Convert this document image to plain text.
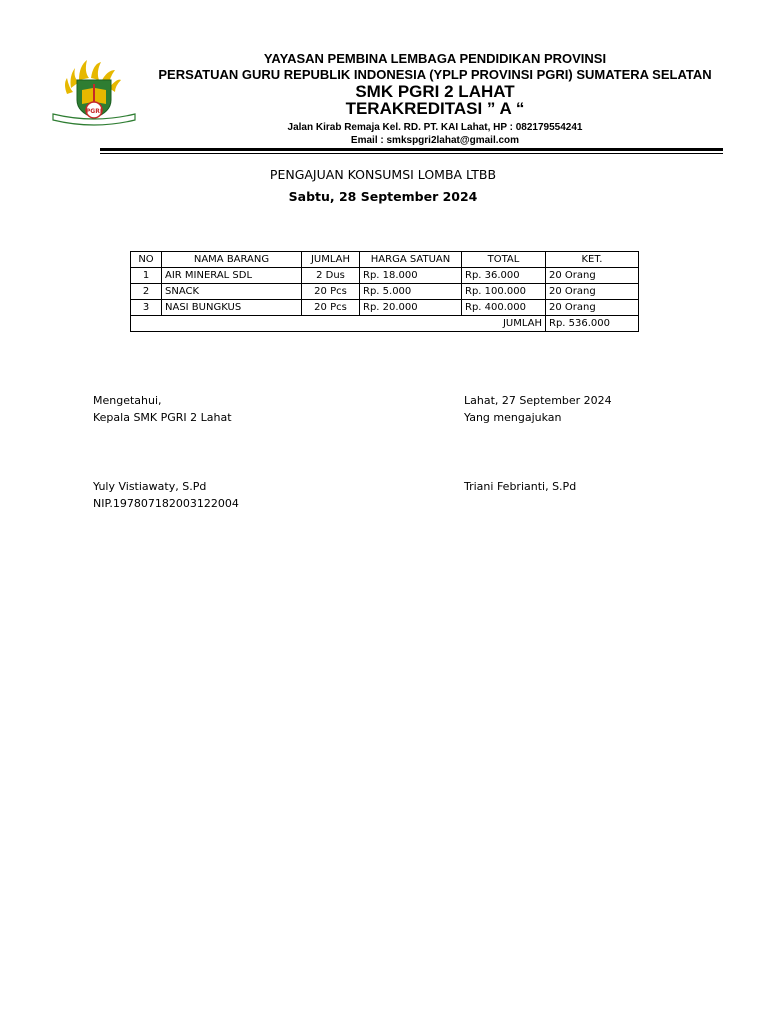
PGRI
YAYASAN PEMBINA LEMBAGA PENDIDIKAN PROVINSI
PERSATUAN GURU REPUBLIK INDONESIA (YPLP PROVINSI PGRI) SUMATERA SELATAN
SMK PGRI 2 LAHAT
TERAKREDITASI ” A “
Jalan Kirab Remaja Kel. RD. PT. KAI Lahat, HP : 082179554241
Email : smkspgri2lahat@gmail.com
PENGAJUAN KONSUMSI LOMBA LTBB
Sabtu, 28 September 2024
NO	NAMA BARANG	JUMLAH	HARGA SATUAN	TOTAL	KET.
1	AIR MINERAL SDL	2 Dus	Rp. 18.000	Rp. 36.000	20 Orang
2	SNACK	20 Pcs	Rp. 5.000	Rp. 100.000	20 Orang
3	NASI BUNGKUS	20 Pcs	Rp. 20.000	Rp. 400.000	20 Orang
JUMLAH					Rp. 536.000
Mengetahui,
Kepala SMK PGRI 2 Lahat
Yuly Vistiawaty, S.Pd
NIP.197807182003122004
Lahat, 27 September 2024
Yang mengajukan
Triani Febrianti, S.Pd
